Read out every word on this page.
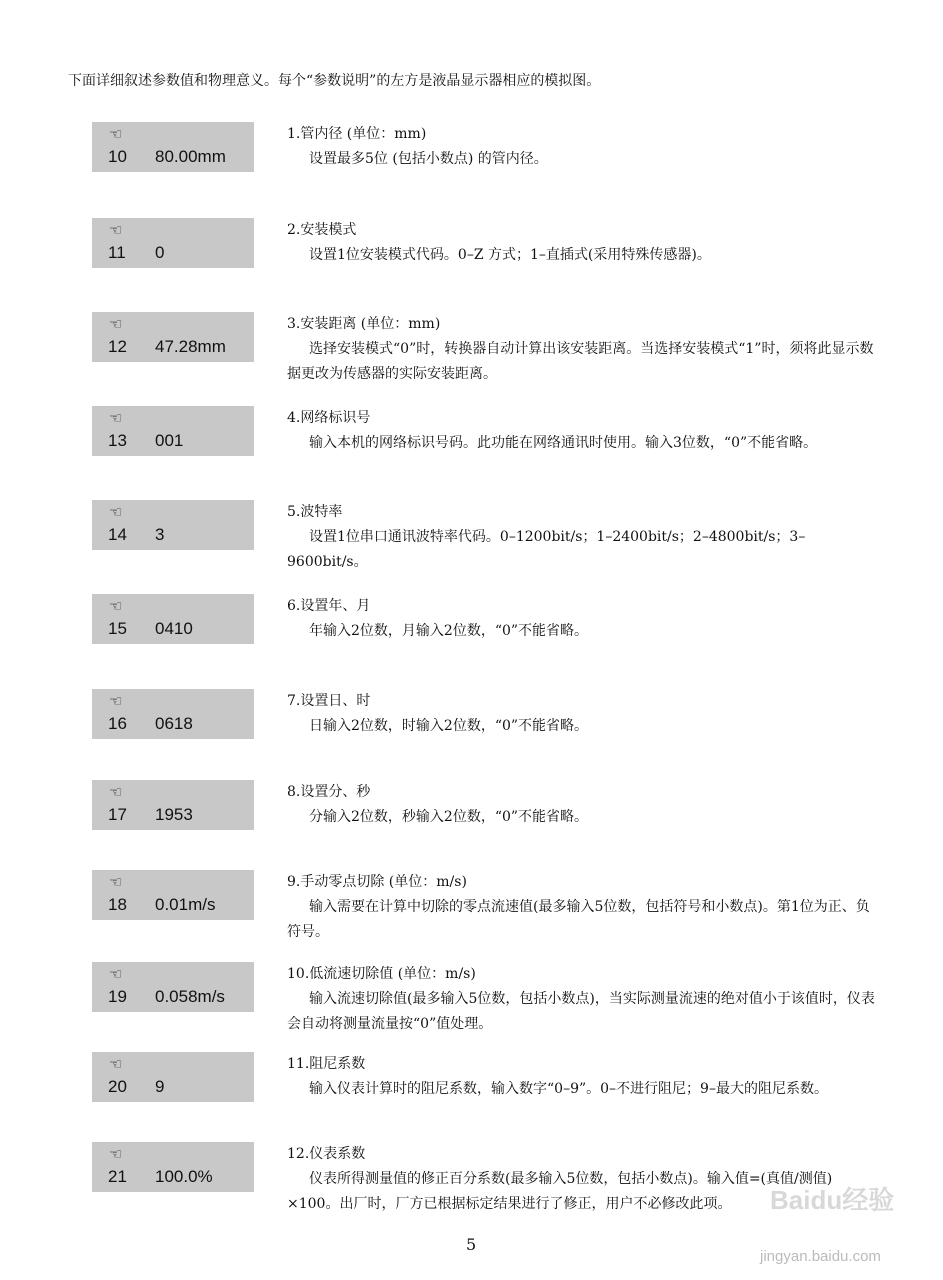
下面详细叙述参数值和物理意义。每个“参数说明”的左方是液晶显示器相应的模拟图。
☜
10 80.00mm
1.管内径 (单位：mm)
设置最多5位 (包括小数点) 的管内径。
☜
11 0
2.安装模式
设置1位安装模式代码。0–Z 方式；1–直插式(采用特殊传感器)。
☜
12 47.28mm
3.安装距离 (单位：mm)
选择安装模式“0”时，转换器自动计算出该安装距离。当选择安装模式“1”时，须将此显示数据更改为传感器的实际安装距离。
☜
13 001
4.网络标识号
输入本机的网络标识号码。此功能在网络通讯时使用。输入3位数，“0”不能省略。
☜
14 3
5.波特率
设置1位串口通讯波特率代码。0–1200bit/s；1–2400bit/s；2–4800bit/s；3–9600bit/s。
☜
15 0410
6.设置年、月
年输入2位数，月输入2位数，“0”不能省略。
☜
16 0618
7.设置日、时
日输入2位数，时输入2位数，“0”不能省略。
☜
17 1953
8.设置分、秒
分输入2位数，秒输入2位数，“0”不能省略。
☜
18 0.01m/s
9.手动零点切除 (单位：m/s)
输入需要在计算中切除的零点流速值(最多输入5位数，包括符号和小数点)。第1位为正、负符号。
☜
19 0.058m/s
10.低流速切除值 (单位：m/s)
输入流速切除值(最多输入5位数，包括小数点)，当实际测量流速的绝对值小于该值时，仪表会自动将测量流量按“0”值处理。
☜
20 9
11.阻尼系数
输入仪表计算时的阻尼系数，输入数字“0–9”。0–不进行阻尼；9–最大的阻尼系数。
☜
21 100.0%
12.仪表系数
仪表所得测量值的修正百分系数(最多输入5位数，包括小数点)。输入值=(真值/测值) ×100。出厂时，厂方已根据标定结果进行了修正，用户不必修改此项。
5
Baidu经验
jingyan.baidu.com
